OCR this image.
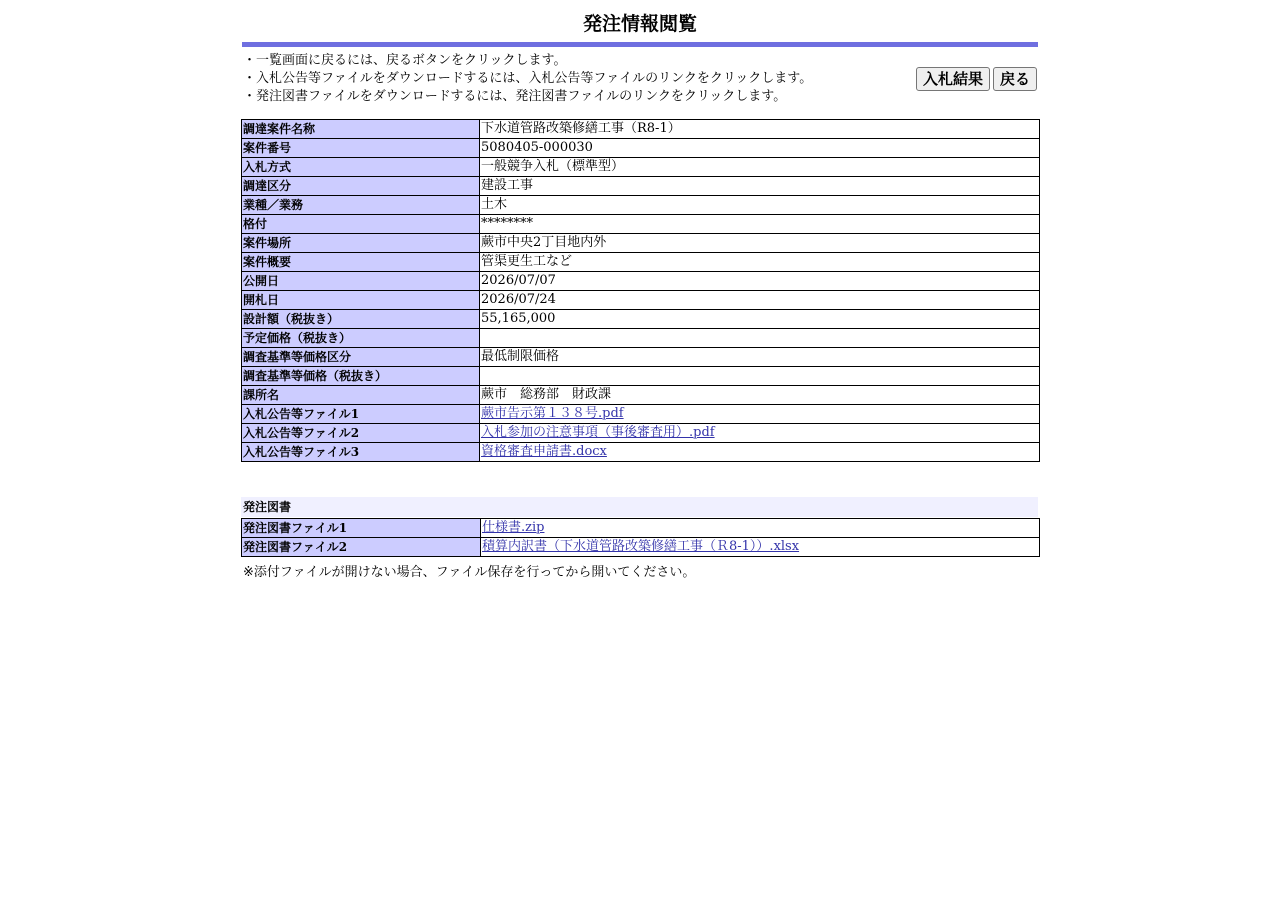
発注情報閲覧
・一覧画面に戻るには、戻るボタンをクリックします。
・入札公告等ファイルをダウンロードするには、入札公告等ファイルのリンクをクリックします。
・発注図書ファイルをダウンロードするには、発注図書ファイルのリンクをクリックします。
入札結果	戻る
調達案件名称	下水道管路改築修繕工事（R8-1）
案件番号	5080405-000030
入札方式	一般競争入札（標準型）
調達区分	建設工事
業種／業務	土木
格付	********
案件場所	蕨市中央2丁目地内外
案件概要	管渠更生工など
公開日	2026/07/07
開札日	2026/07/24
設計額（税抜き）	55,165,000
予定価格（税抜き）	
調査基準等価格区分	最低制限価格
調査基準等価格（税抜き）	
課所名	蕨市　総務部　財政課
入札公告等ファイル1	蕨市告示第１３８号.pdf
入札公告等ファイル2	入札参加の注意事項（事後審査用）.pdf
入札公告等ファイル3	資格審査申請書.docx
発注図書
発注図書ファイル1	仕様書.zip
発注図書ファイル2	積算内訳書（下水道管路改築修繕工事（Ｒ8-1））.xlsx
※添付ファイルが開けない場合、ファイル保存を行ってから開いてください。
